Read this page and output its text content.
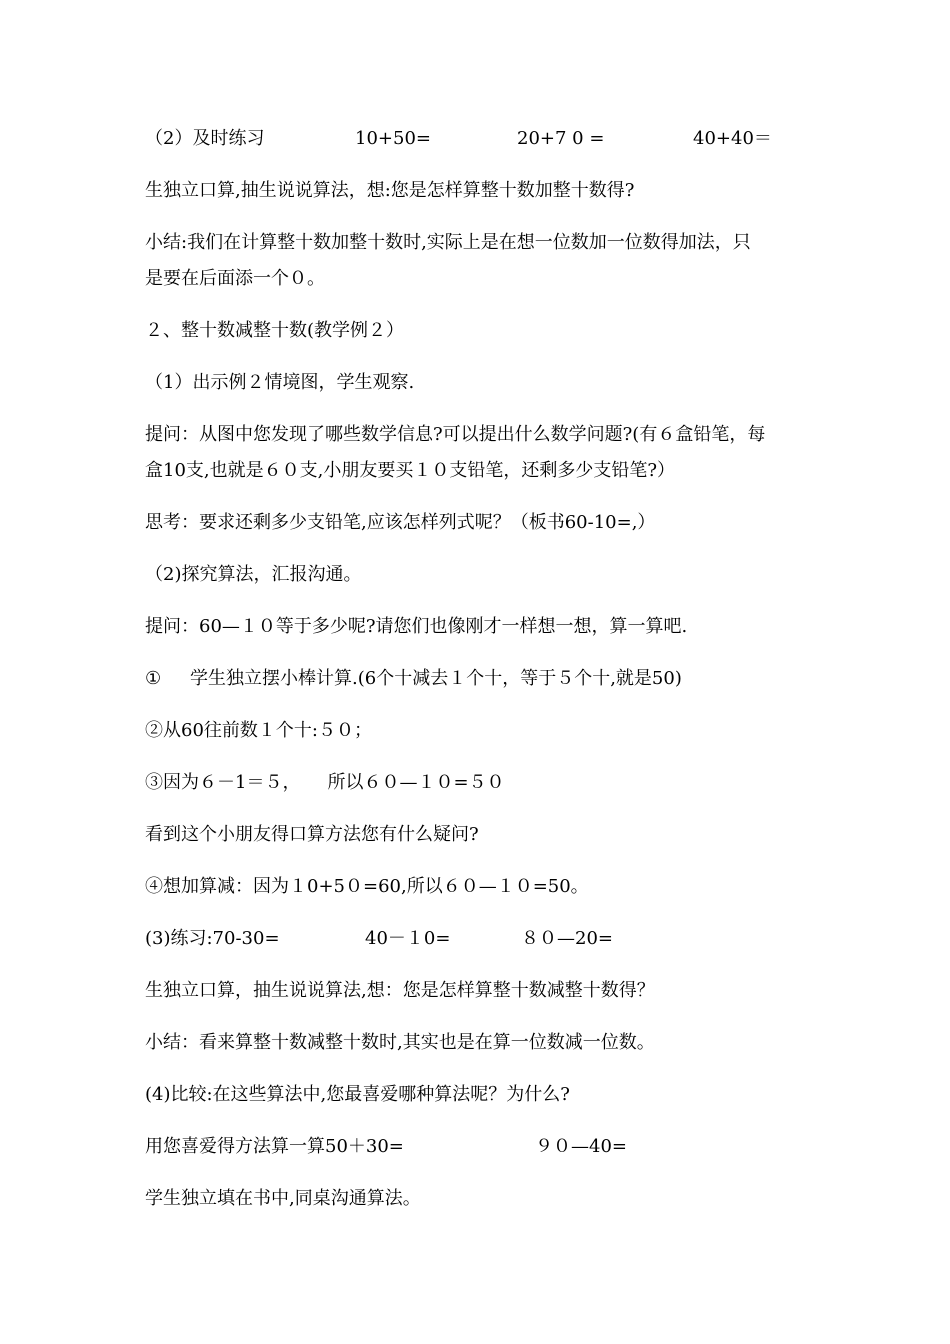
（2）及时练习	10+50=	20+7 0 =	40+40＝
生独立口算,抽生说说算法，想:您是怎样算整十数加整十数得?
小结:我们在计算整十数加整十数时,实际上是在想一位数加一位数得加法，只
是要在后面添一个０。
２、整十数减整十数(教学例２）
（1）出示例２情境图，学生观察.
提问：从图中您发现了哪些数学信息?可以提出什么数学问题?(有６盒铅笔，每
盒10支,也就是６０支,小朋友要买１０支铅笔，还剩多少支铅笔?）
思考：要求还剩多少支铅笔,应该怎样列式呢？（板书60-10=,）
（2)探究算法，汇报沟通。
提问：60—１０等于多少呢?请您们也像刚才一样想一想，算一算吧.
① 学生独立摆小棒计算.(6个十减去１个十，等于５个十,就是50)
②从60往前数１个十:５０；
③因为６－1＝５，　　所以６０—１０=５０
看到这个小朋友得口算方法您有什么疑问?
④想加算减：因为１0+5０=60,所以６０—１０=50。
(3)练习:70-30=	40－１0=	８０—20=
生独立口算，抽生说说算法,想：您是怎样算整十数减整十数得？
小结：看来算整十数减整十数时,其实也是在算一位数减一位数。
(4)比较:在这些算法中,您最喜爱哪种算法呢？为什么?
用您喜爱得方法算一算50＋30=	９０—40=
学生独立填在书中,同桌沟通算法。
